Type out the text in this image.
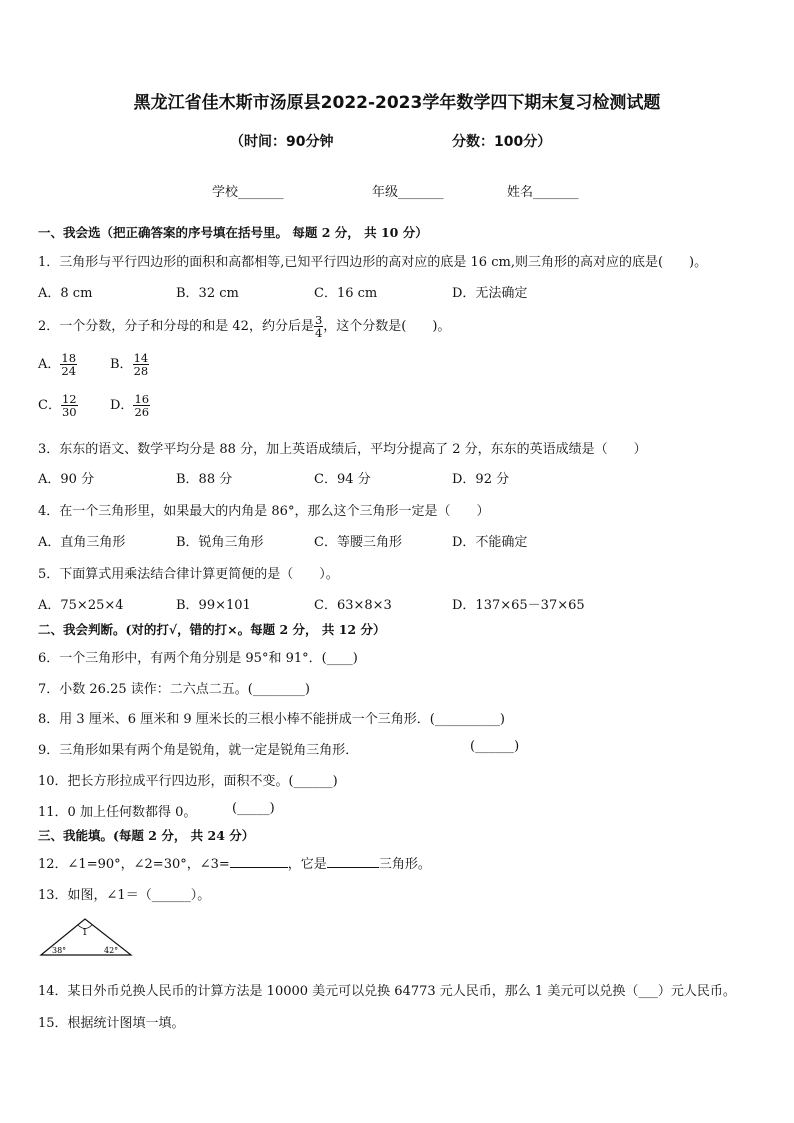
黑龙江省佳木斯市汤原县2022-2023学年数学四下期末复习检测试题
（时间：90分钟	分数：100分）
学校_______	年级_______	姓名_______
一、我会选（把正确答案的序号填在括号里。 每题 2 分， 共 10 分）
1．三角形与平行四边形的面积和高都相等,已知平行四边形的高对应的底是 16 cm,则三角形的高对应的底是(　　)。
A．8 cm	B．32 cm	C．16 cm	D．无法确定
2．一个分数，分子和分母的和是 42，约分后是 $\frac{3}{4}$ ，这个分数是(　　)。
A． $\frac{18}{24}$	B． $\frac{14}{28}$
C． $\frac{12}{30}$ D． $\frac{16}{26}$
3．东东的语文、数学平均分是 88 分，加上英语成绩后，平均分提高了 2 分，东东的英语成绩是（　　）
A．90 分	B．88 分	C．94 分	D．92 分
4．在一个三角形里，如果最大的内角是 86°，那么这个三角形一定是（　　）
A．直角三角形	B．锐角三角形	C．等腰三角形	D．不能确定
5．下面算式用乘法结合律计算更简便的是（　　）。
A．75×25×4	B．99×101	C．63×8×3	D．137×65－37×65
二、我会判断。(对的打√，错的打×。每题 2 分， 共 12 分）
6．一个三角形中，有两个角分别是 95°和 91°．(____)
7．小数 26.25 读作：二六点二五。(________)
8．用 3 厘米、6 厘米和 9 厘米长的三根小棒不能拼成一个三角形．(__________)
9．三角形如果有两个角是锐角，就一定是锐角三角形．	(______)
10．把长方形拉成平行四边形，面积不变。(______)
11．0 加上任何数都得 0。	(_____)
三、我能填。(每题 2 分， 共 24 分）
12．∠1=90°，∠2=30°，∠3=	，它是	三角形。
13．如图，∠1＝（______）。
1
38°	42°
14．某日外币兑换人民币的计算方法是 10000 美元可以兑换 64773 元人民币，那么 1 美元可以兑换（___）元人民币。
15．根据统计图填一填。
